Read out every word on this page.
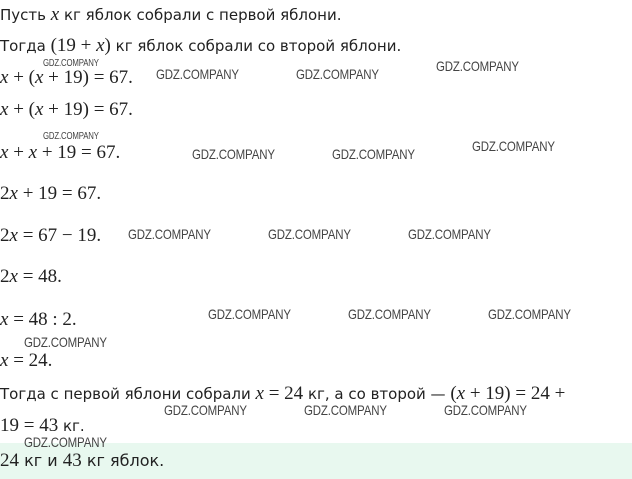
Пусть x кг яблок собрали с первой яблони.
Тогда (19 + x) кг яблок собрали со второй яблони.
x + (x + 19) = 67.
x + (x + 19) = 67.
x + x + 19 = 67.
2x + 19 = 67.
2x = 67 − 19.
2x = 48.
x = 48 : 2.
x = 24.
Тогда с первой яблони собрали x = 24 кг, а со второй — (x + 19) = 24 +
19 = 43 кг.
24 кг и 43 кг яблок.
GDZ.COMPANY
GDZ.COMPANY	GDZ.COMPANY	GDZ.COMPANY
GDZ.COMPANY
GDZ.COMPANY	GDZ.COMPANY	GDZ.COMPANY
GDZ.COMPANY	GDZ.COMPANY	GDZ.COMPANY
GDZ.COMPANY	GDZ.COMPANY	GDZ.COMPANY
GDZ.COMPANY
GDZ.COMPANY	GDZ.COMPANY	GDZ.COMPANY
GDZ.COMPANY
